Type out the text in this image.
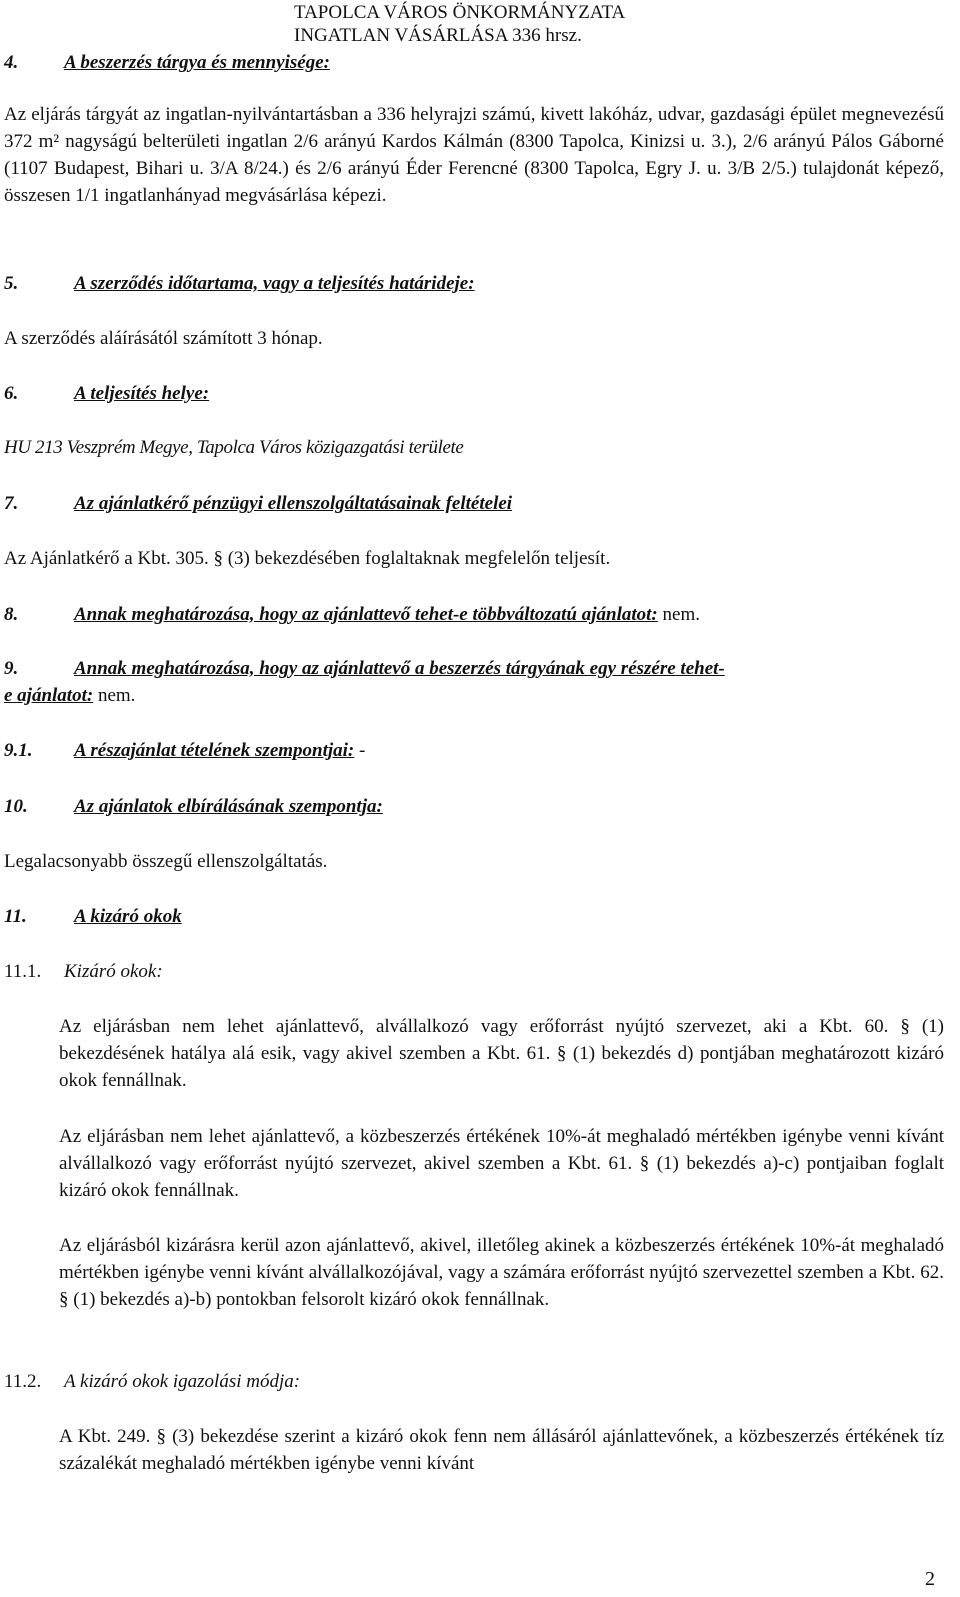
TAPOLCA VÁROS ÖNKORMÁNYZATA
INGATLAN VÁSÁRLÁSA 336 hrsz.
4. A beszerzés tárgya és mennyisége:
Az eljárás tárgyát az ingatlan-nyilvántartásban a 336 helyrajzi számú, kivett lakóház, udvar, gazdasági épület megnevezésű 372 m² nagyságú belterületi ingatlan 2/6 arányú Kardos Kálmán (8300 Tapolca, Kinizsi u. 3.), 2/6 arányú Pálos Gáborné (1107 Budapest, Bihari u. 3/A 8/24.) és 2/6 arányú Éder Ferencné (8300 Tapolca, Egry J. u. 3/B 2/5.) tulajdonát képező, összesen 1/1 ingatlanhányad megvásárlása képezi.
5.	A szerződés időtartama, vagy a teljesítés határideje:
A szerződés aláírásától számított 3 hónap.
6.	A teljesítés helye:
HU 213 Veszprém Megye, Tapolca Város közigazgatási területe
7.	Az ajánlatkérő pénzügyi ellenszolgáltatásainak feltételei
Az Ajánlatkérő a Kbt. 305. § (3) bekezdésében foglaltaknak megfelelőn teljesít.
8.	Annak meghatározása, hogy az ajánlattevő tehet-e többváltozatú ajánlatot: nem.
9.	Annak meghatározása, hogy az ajánlattevő a beszerzés tárgyának egy részére tehet-
e ajánlatot: nem.
9.1. A részajánlat tételének szempontjai: -
10. Az ajánlatok elbírálásának szempontja:
Legalacsonyabb összegű ellenszolgáltatás.
11. A kizáró okok
11.1. Kizáró okok:
Az eljárásban nem lehet ajánlattevő, alvállalkozó vagy erőforrást nyújtó szervezet, aki a Kbt. 60. § (1) bekezdésének hatálya alá esik, vagy akivel szemben a Kbt. 61. § (1) bekezdés d) pontjában meghatározott kizáró okok fennállnak.
Az eljárásban nem lehet ajánlattevő, a közbeszerzés értékének 10%-át meghaladó mértékben igénybe venni kívánt alvállalkozó vagy erőforrást nyújtó szervezet, akivel szemben a Kbt. 61. § (1) bekezdés a)-c) pontjaiban foglalt kizáró okok fennállnak.
Az eljárásból kizárásra kerül azon ajánlattevő, akivel, illetőleg akinek a közbeszerzés értékének 10%-át meghaladó mértékben igénybe venni kívánt alvállalkozójával, vagy a számára erőforrást nyújtó szervezettel szemben a Kbt. 62. § (1) bekezdés a)-b) pontokban felsorolt kizáró okok fennállnak.
11.2. A kizáró okok igazolási módja:
A Kbt. 249. § (3) bekezdése szerint a kizáró okok fenn nem állásáról ajánlattevőnek, a közbeszerzés értékének tíz százalékát meghaladó mértékben igénybe venni kívánt
2
